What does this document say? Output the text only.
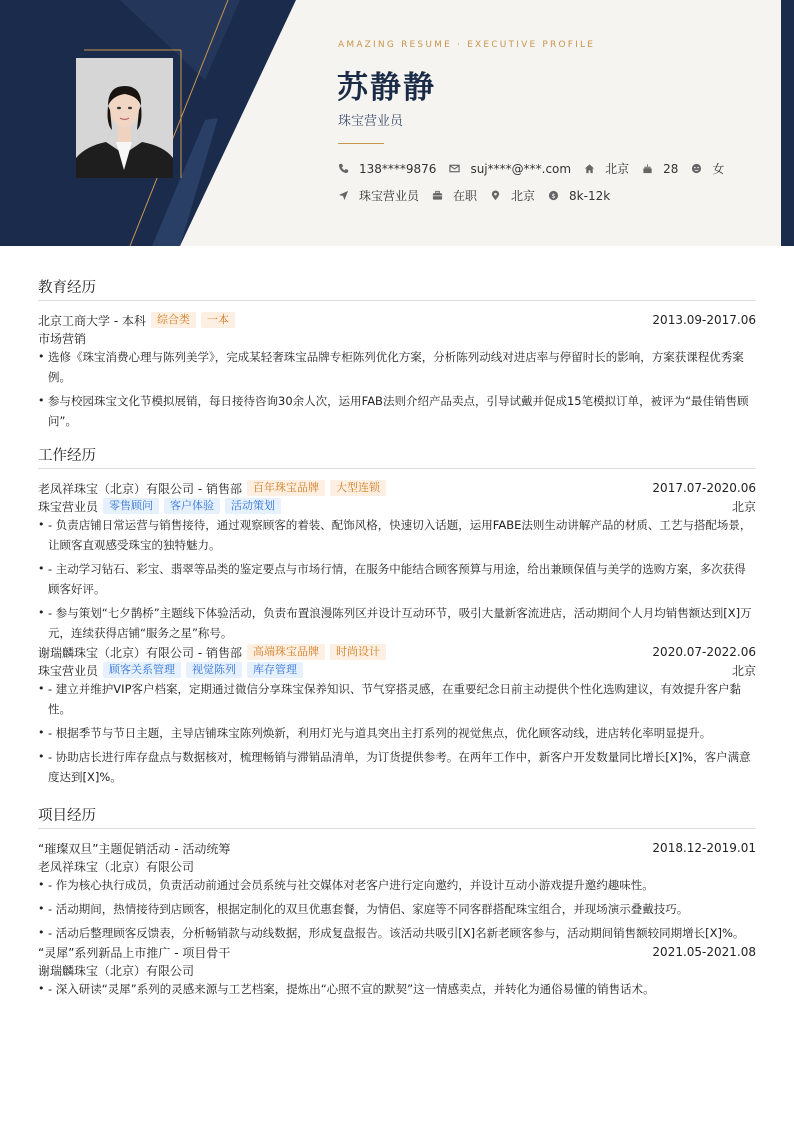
AMAZING RESUME · EXECUTIVE PROFILE
苏静静
珠宝营业员
138****9876	suj****@***.com	北京	28	女
珠宝营业员	在职	北京 $ 8k-12k
教育经历
北京工商大学 - 本科	综合类	一本	2013.09-2017.06
市场营销
• 选修《珠宝消费心理与陈列美学》，完成某轻奢珠宝品牌专柜陈列优化方案，分析陈列动线对进店率与停留时长的影响，方案获课程优秀案例。
• 参与校园珠宝文化节模拟展销，每日接待咨询30余人次，运用FAB法则介绍产品卖点，引导试戴并促成15笔模拟订单，被评为“最佳销售顾问”。
工作经历
老凤祥珠宝（北京）有限公司 - 销售部	百年珠宝品牌	大型连锁	2017.07-2020.06
珠宝营业员	零售顾问	客户体验	活动策划	北京
• - 负责店铺日常运营与销售接待，通过观察顾客的着装、配饰风格，快速切入话题，运用FABE法则生动讲解产品的材质、工艺与搭配场景，让顾客直观感受珠宝的独特魅力。
• - 主动学习钻石、彩宝、翡翠等品类的鉴定要点与市场行情，在服务中能结合顾客预算与用途，给出兼顾保值与美学的选购方案，多次获得顾客好评。
• - 参与策划“七夕鹊桥”主题线下体验活动，负责布置浪漫陈列区并设计互动环节，吸引大量新客流进店，活动期间个人月均销售额达到[X]万元，连续获得店铺“服务之星”称号。
谢瑞麟珠宝（北京）有限公司 - 销售部	高端珠宝品牌	时尚设计	2020.07-2022.06
珠宝营业员	顾客关系管理	视觉陈列	库存管理	北京
• - 建立并维护VIP客户档案，定期通过微信分享珠宝保养知识、节气穿搭灵感，在重要纪念日前主动提供个性化选购建议，有效提升客户黏性。
• - 根据季节与节日主题，主导店铺珠宝陈列焕新，利用灯光与道具突出主打系列的视觉焦点，优化顾客动线，进店转化率明显提升。
• - 协助店长进行库存盘点与数据核对，梳理畅销与滞销品清单，为订货提供参考。在两年工作中，新客户开发数量同比增长[X]%，客户满意度达到[X]%。
项目经历
“璀璨双旦”主题促销活动 - 活动统筹	2018.12-2019.01
老凤祥珠宝（北京）有限公司
• - 作为核心执行成员，负责活动前通过会员系统与社交媒体对老客户进行定向邀约，并设计互动小游戏提升邀约趣味性。
• - 活动期间，热情接待到店顾客，根据定制化的双旦优惠套餐，为情侣、家庭等不同客群搭配珠宝组合，并现场演示叠戴技巧。
• - 活动后整理顾客反馈表，分析畅销款与动线数据，形成复盘报告。该活动共吸引[X]名新老顾客参与，活动期间销售额较同期增长[X]%。
“灵犀”系列新品上市推广 - 项目骨干	2021.05-2021.08
谢瑞麟珠宝（北京）有限公司
• - 深入研读“灵犀”系列的灵感来源与工艺档案，提炼出“心照不宣的默契”这一情感卖点，并转化为通俗易懂的销售话术。
